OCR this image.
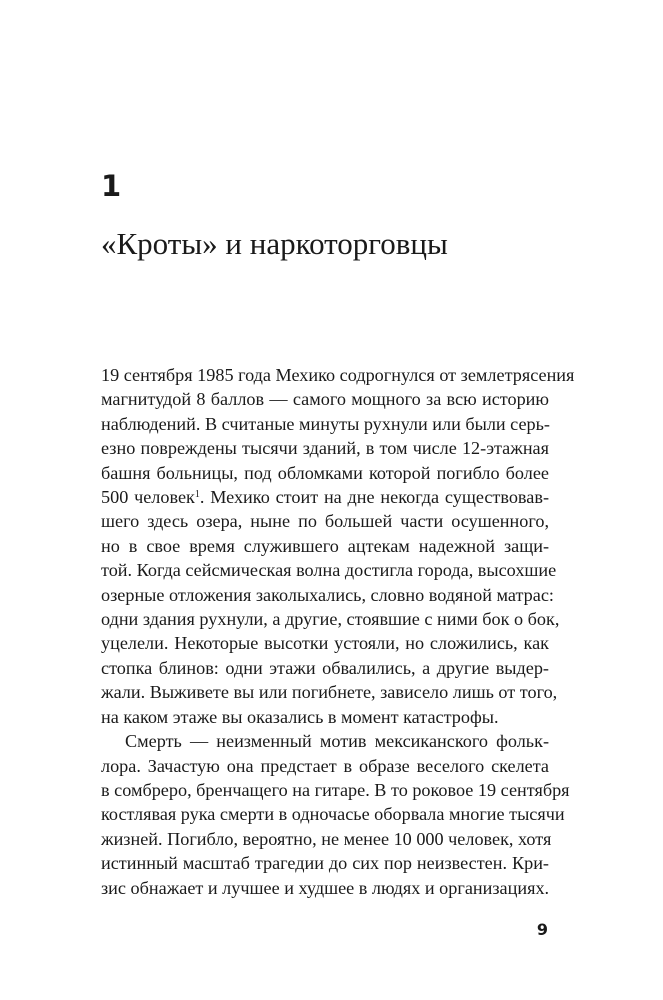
1
«Кроты» и наркоторговцы
19 сентября 1985 года Мехико содрогнулся от землетрясения
магнитудой 8 баллов — самого мощного за всю историю
наблюдений. В считаные минуты рухнули или были серь-
езно повреждены тысячи зданий, в том числе 12-этажная
башня больницы, под обломками которой погибло более
500 человек$^1$. Мехико стоит на дне некогда существовав-
шего здесь озера, ныне по большей части осушенного,
но в свое время служившего ацтекам надежной защи-
той. Когда сейсмическая волна достигла города, высохшие
озерные отложения заколыхались, словно водяной матрас:
одни здания рухнули, а другие, стоявшие с ними бок о бок,
уцелели. Некоторые высотки устояли, но сложились, как
стопка блинов: одни этажи обвалились, а другие выдер-
жали. Выживете вы или погибнете, зависело лишь от того,
на каком этаже вы оказались в момент катастрофы.
Смерть — неизменный мотив мексиканского фольк-
лора. Зачастую она предстает в образе веселого скелета
в сомбреро, бренчащего на гитаре. В то роковое 19 сентября
костлявая рука смерти в одночасье оборвала многие тысячи
жизней. Погибло, вероятно, не менее 10 000 человек, хотя
истинный масштаб трагедии до сих пор неизвестен. Кри-
зис обнажает и лучшее и худшее в людях и организациях.
9
